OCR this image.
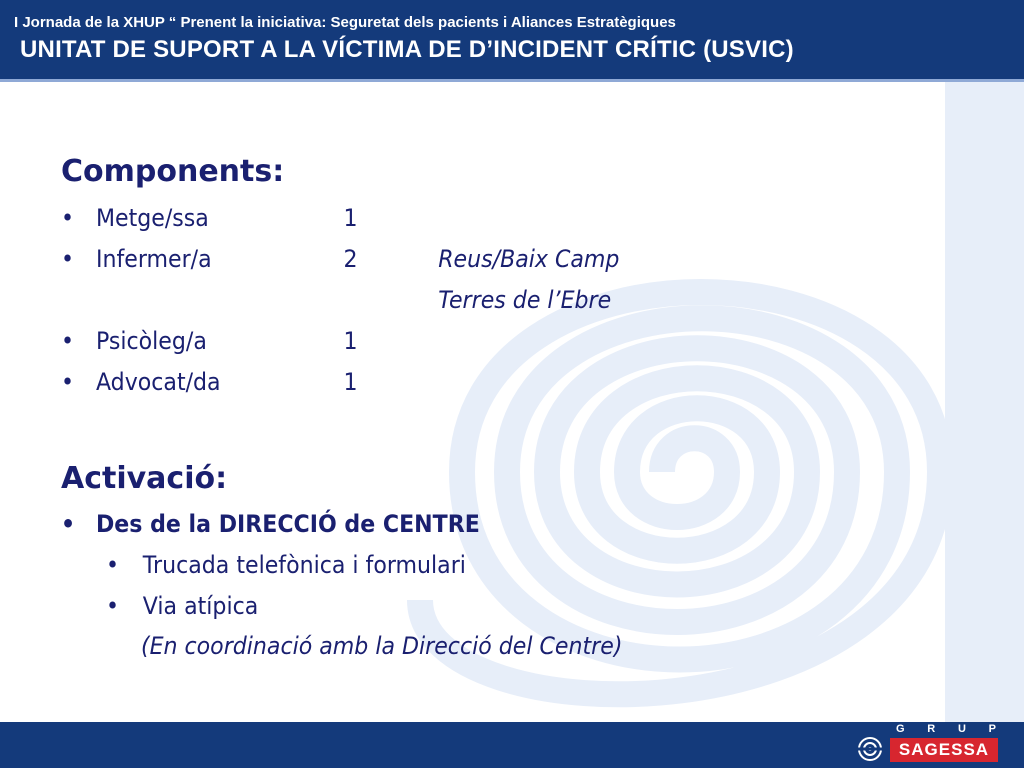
UNITAT DE SUPORT A LA VÍCTIMA DE D’INCIDENT CRÍTIC (USVIC)
Components:
•
Metge/ssa	1
•
Infermer/a	2	Reus/Baix Camp
Terres de l’Ebre
•
Psicòleg/a	1
•
Advocat/da	1
Activació:
•
Des de la DIRECCIÓ de CENTRE
•
Trucada telefònica i formulari
•
Via atípica
(En coordinació amb la Direcció del Centre)
I Jornada de la XHUP “ Prenent la iniciativa: Seguretat dels pacients i Aliances Estratègiques
G R U P
SAGESSA
